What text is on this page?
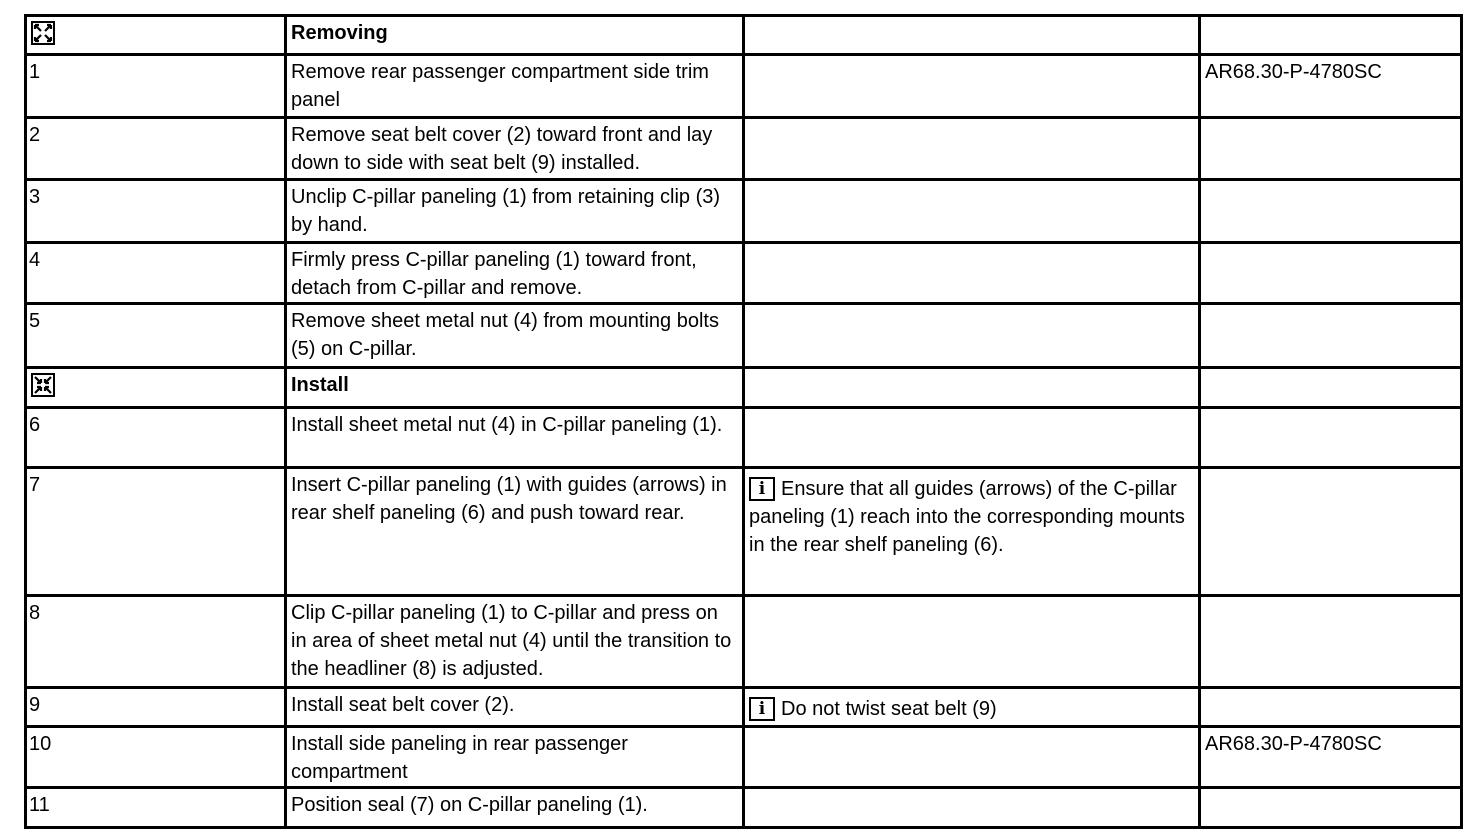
	Removing		
1	Remove rear passenger compartment side trim panel		AR68.30-P-4780SC
2	Remove seat belt cover (2) toward front and lay down to side with seat belt (9) installed.		
3	Unclip C-pillar paneling (1) from retaining clip (3) by hand.		
4	Firmly press C-pillar paneling (1) toward front, detach from C-pillar and remove.		
5	Remove sheet metal nut (4) from mounting bolts (5) on C-pillar.		

	Install		
6	Install sheet metal nut (4) in C-pillar paneling (1).		
7	Insert C-pillar paneling (1) with guides (arrows) in rear shelf paneling (6) and push toward rear.	i Ensure that all guides (arrows) of the C-pillar paneling (1) reach into the corresponding mounts in the rear shelf paneling (6).	

8	Clip C-pillar paneling (1) to C-pillar and press on in area of sheet metal nut (4) until the transition to the headliner (8) is adjusted.		
9	Install seat belt cover (2).	i Do not twist seat belt (9)	

10	Install side paneling in rear passenger compartment		AR68.30-P-4780SC
11	Position seal (7) on C-pillar paneling (1).		
